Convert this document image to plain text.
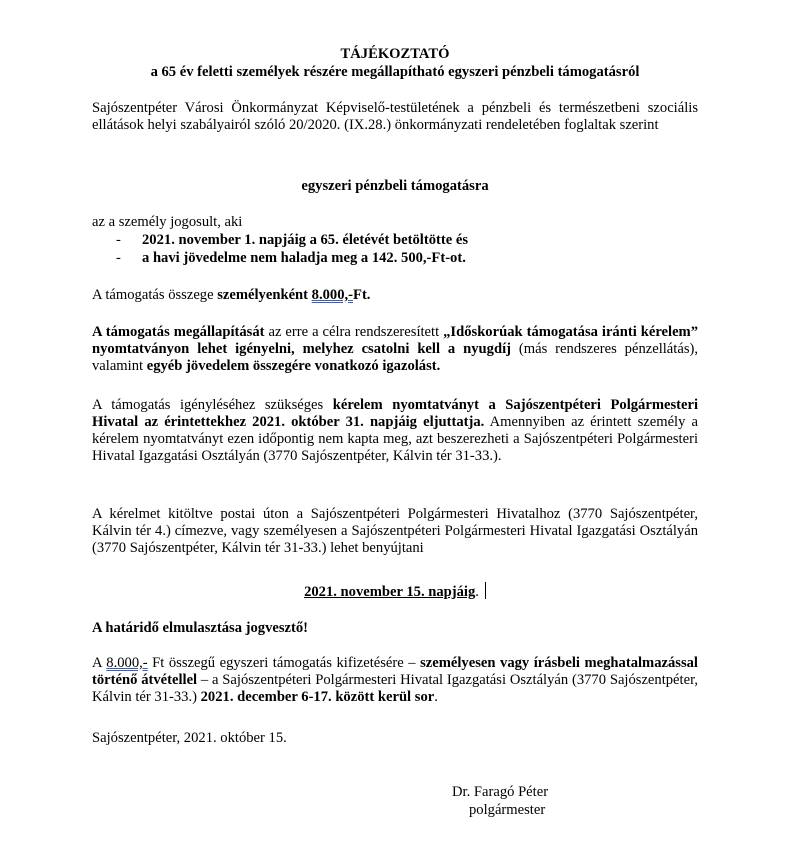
TÁJÉKOZTATÓ
a 65 év feletti személyek részére megállapítható egyszeri pénzbeli támogatásról
Sajószentpéter Városi Önkormányzat Képviselő-testületének a pénzbeli és természetbeni szociális ellátások helyi szabályairól szóló 20/2020. (IX.28.) önkormányzati rendeletében foglaltak szerint
egyszeri pénzbeli támogatásra
az a személy jogosult, aki
- 2021. november 1. napjáig a 65. életévét betöltötte és
- a havi jövedelme nem haladja meg a 142. 500,-Ft-ot.
A támogatás összege személyenként 8.000,-Ft.
A támogatás megállapítását az erre a célra rendszeresített „Időskorúak támogatása iránti kérelem” nyomtatványon lehet igényelni, melyhez csatolni kell a nyugdíj (más rendszeres pénzellátás), valamint egyéb jövedelem összegére vonatkozó igazolást.
A támogatás igényléséhez szükséges kérelem nyomtatványt a Sajószentpéteri Polgármesteri Hivatal az érintettekhez 2021. október 31. napjáig eljuttatja. Amennyiben az érintett személy a kérelem nyomtatványt ezen időpontig nem kapta meg, azt beszerezheti a Sajószentpéteri Polgármesteri Hivatal Igazgatási Osztályán (3770 Sajószentpéter, Kálvin tér 31-33.).
A kérelmet kitöltve postai úton a Sajószentpéteri Polgármesteri Hivatalhoz (3770 Sajószentpéter, Kálvin tér 4.) címezve, vagy személyesen a Sajószentpéteri Polgármesteri Hivatal Igazgatási Osztályán (3770 Sajószentpéter, Kálvin tér 31-33.) lehet benyújtani
2021. november 15. napjáig.
A határidő elmulasztása jogvesztő!
A 8.000,- Ft összegű egyszeri támogatás kifizetésére – személyesen vagy írásbeli meghatalmazással történő átvétellel – a Sajószentpéteri Polgármesteri Hivatal Igazgatási Osztályán (3770 Sajószentpéter, Kálvin tér 31-33.) 2021. december 6-17. között kerül sor.
Sajószentpéter, 2021. október 15.
Dr. Faragó Péter
polgármester
